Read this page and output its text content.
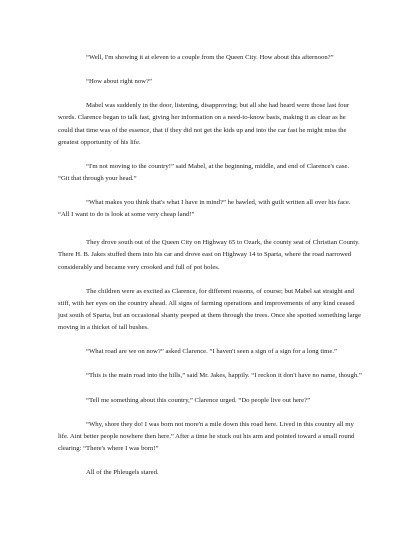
“Well, I'm showing it at eleven to a couple from the Queen City. How about this afternoon?”

“How about right now?”

Mabel was suddenly in the door, listening, disapproving; but all she had heard were those last four words. Clarence began to talk fast, giving her information on a need-to-know basis, making it as clear as he could that time was of the essence, that if they did not get the kids up and into the car fast he might miss the greatest opportunity of his life.

“I'm not moving to the country!” said Mabel, at the beginning, middle, and end of Clarence's case. “Git that through your head.”

“What makes you think that's what I have in mind?” he bawled, with guilt written all over his face. “All I want to do is look at some very cheap land!”

They drove south out of the Queen City on Highway 65 to Ozark, the county seat of Christian County. There H. B. Jakes stuffed them into his car and drove east on Highway 14 to Sparta, where the road narrowed considerably and became very crooked and full of pot holes.

The children were as excited as Clarence, for different reasons, of course; but Mabel sat straight and stiff, with her eyes on the country ahead. All signs of farming operations and improvements of any kind ceased just south of Sparta, but an occasional shanty peeped at them through the trees. Once she spotted something large moving in a thicket of tall bushes.

“What road are we on now?” asked Clarence. “I haven't seen a sign of a sign for a long time.”

“This is the main road into the hills,” said Mr. Jakes, happily. “I reckon it don't have no name, though.”

“Tell me something about this country,” Clarence urged. “Do people live out here?”

“Why, shore they do! I was born not more'n a mile down this road here. Lived in this country all my life. Aint better people nowhere then here.” After a time he stuck out his arm and pointed toward a small round clearing: “There's where I was born!”

All of the Phleugels stared.
